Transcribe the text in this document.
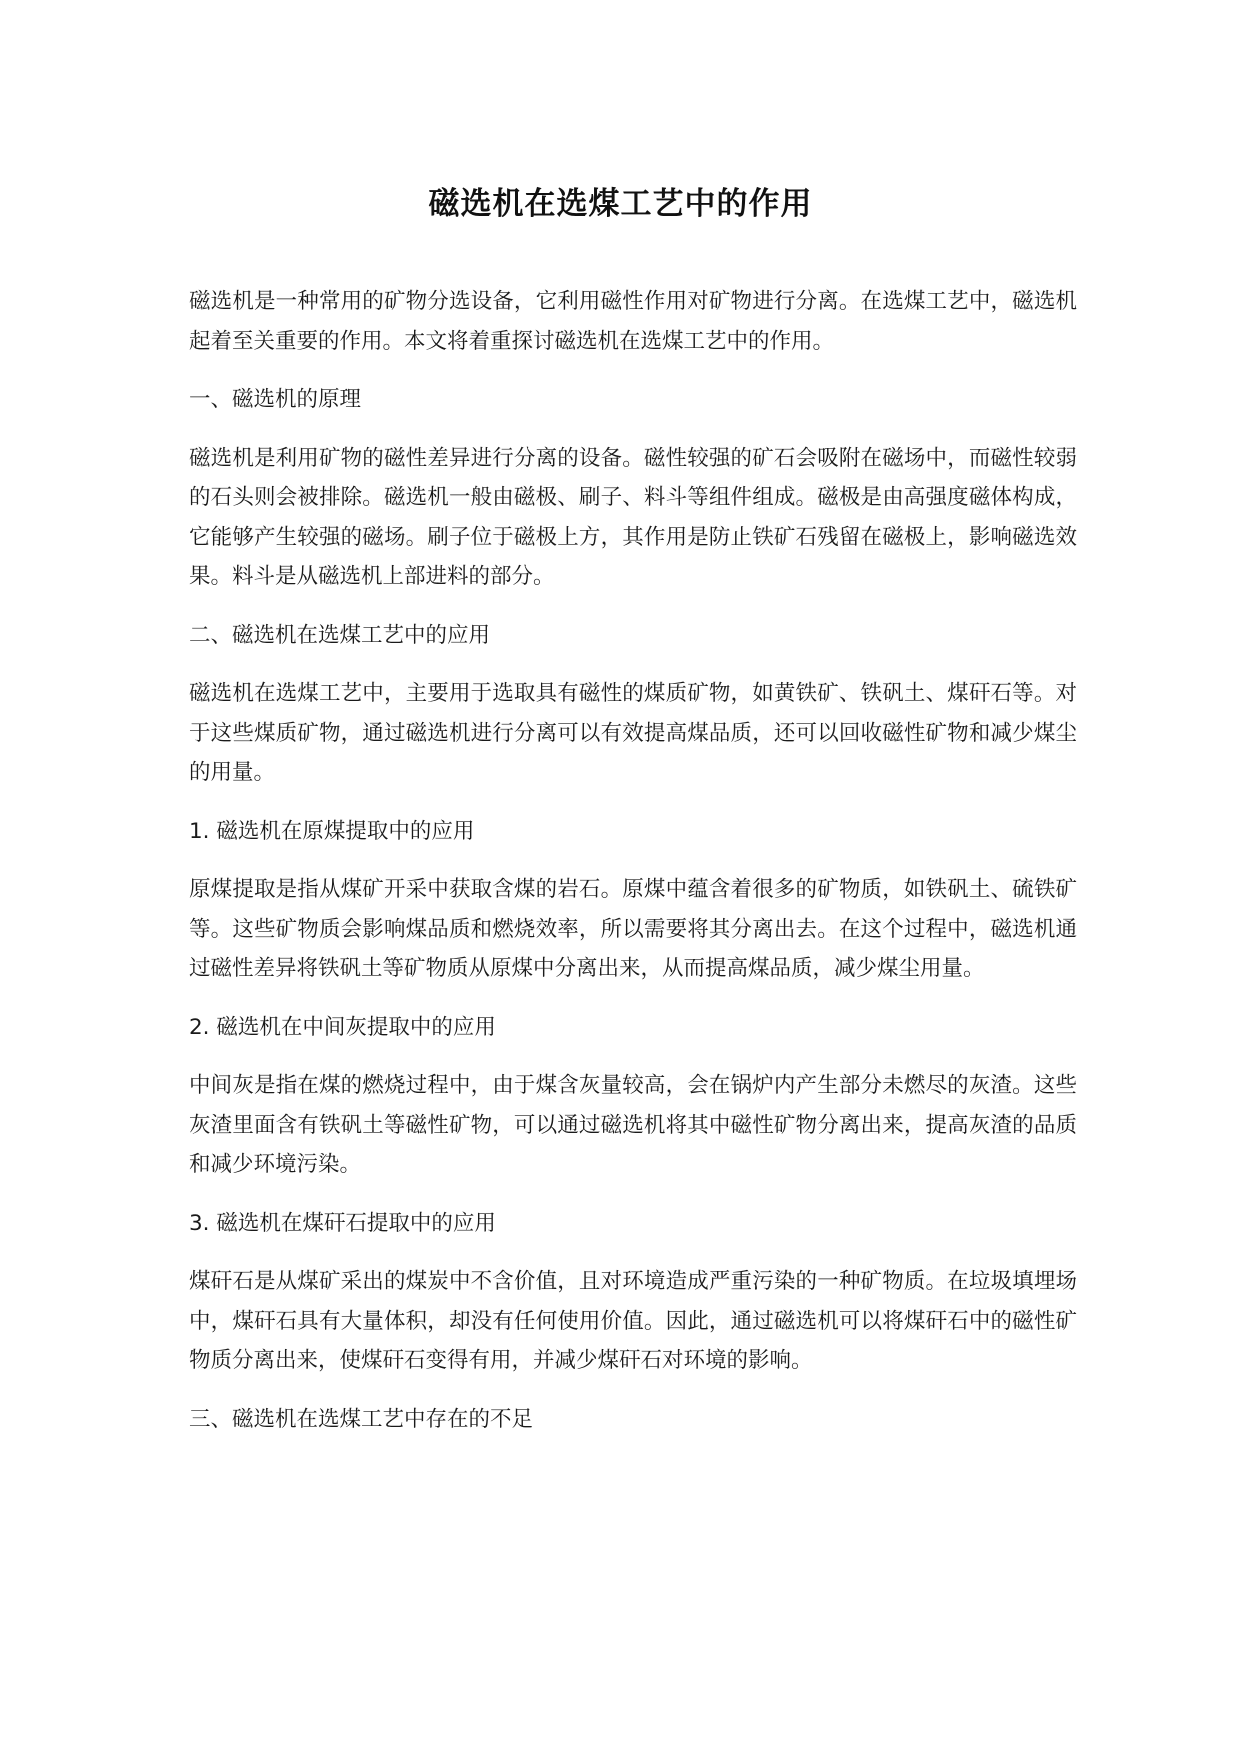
磁选机在选煤工艺中的作用

磁选机是一种常用的矿物分选设备，它利用磁性作用对矿物进行分离。在选煤工艺中，磁选机起着至关重要的作用。本文将着重探讨磁选机在选煤工艺中的作用。

一、磁选机的原理

磁选机是利用矿物的磁性差异进行分离的设备。磁性较强的矿石会吸附在磁场中，而磁性较弱的石头则会被排除。磁选机一般由磁极、刷子、料斗等组件组成。磁极是由高强度磁体构成，它能够产生较强的磁场。刷子位于磁极上方，其作用是防止铁矿石残留在磁极上，影响磁选效果。料斗是从磁选机上部进料的部分。

二、磁选机在选煤工艺中的应用

磁选机在选煤工艺中，主要用于选取具有磁性的煤质矿物，如黄铁矿、铁矾土、煤矸石等。对于这些煤质矿物，通过磁选机进行分离可以有效提高煤品质，还可以回收磁性矿物和减少煤尘的用量。

1. 磁选机在原煤提取中的应用

原煤提取是指从煤矿开采中获取含煤的岩石。原煤中蕴含着很多的矿物质，如铁矾土、硫铁矿等。这些矿物质会影响煤品质和燃烧效率，所以需要将其分离出去。在这个过程中，磁选机通过磁性差异将铁矾土等矿物质从原煤中分离出来，从而提高煤品质，减少煤尘用量。

2. 磁选机在中间灰提取中的应用

中间灰是指在煤的燃烧过程中，由于煤含灰量较高，会在锅炉内产生部分未燃尽的灰渣。这些灰渣里面含有铁矾土等磁性矿物，可以通过磁选机将其中磁性矿物分离出来，提高灰渣的品质和减少环境污染。

3. 磁选机在煤矸石提取中的应用

煤矸石是从煤矿采出的煤炭中不含价值，且对环境造成严重污染的一种矿物质。在垃圾填埋场中，煤矸石具有大量体积，却没有任何使用价值。因此，通过磁选机可以将煤矸石中的磁性矿物质分离出来，使煤矸石变得有用，并减少煤矸石对环境的影响。

三、磁选机在选煤工艺中存在的不足
